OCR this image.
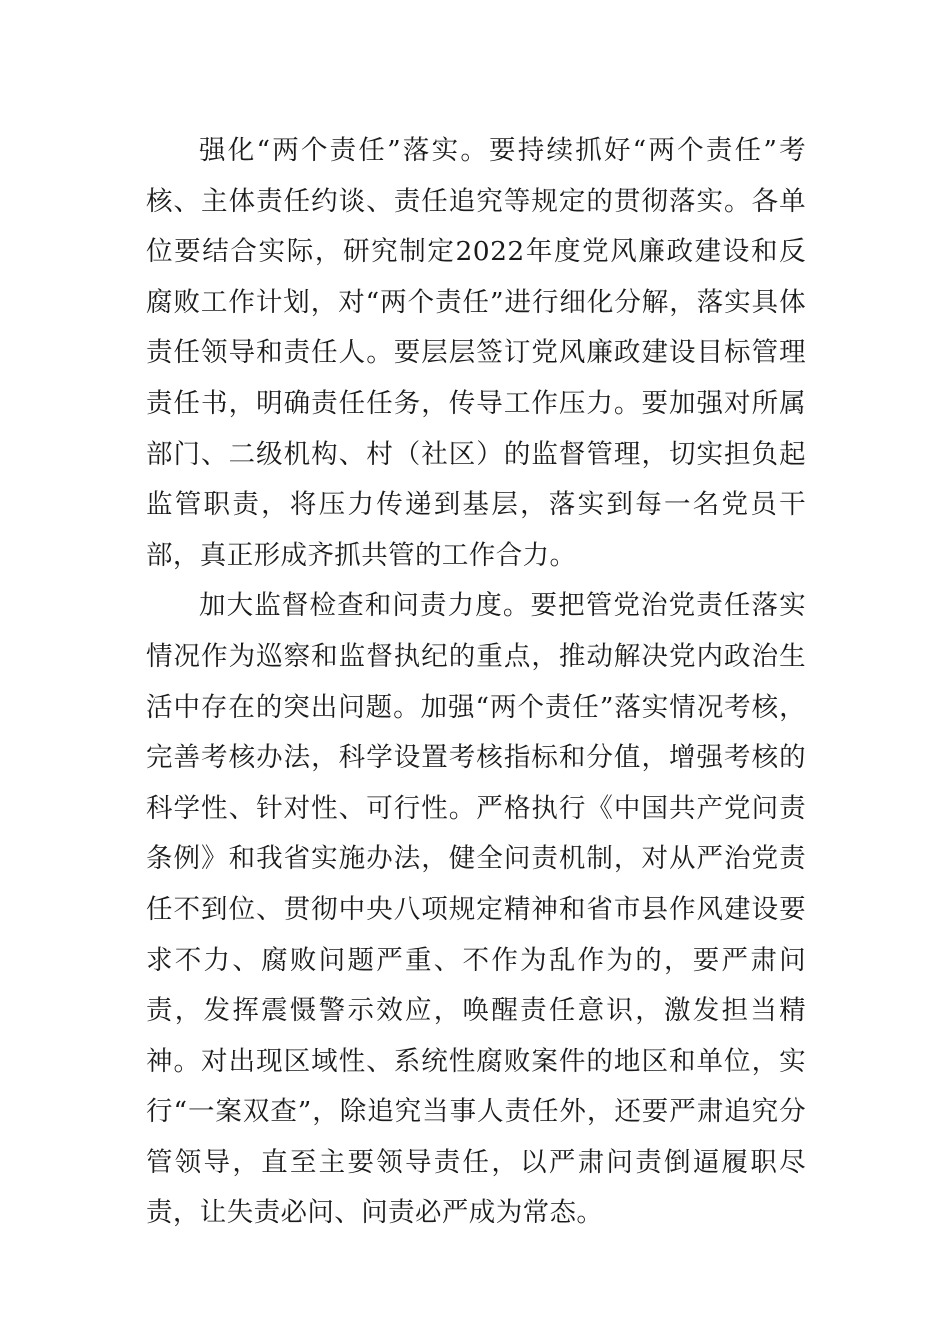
强化“两个责任”落实。要持续抓好“两个责任”考核、主体责任约谈、责任追究等规定的贯彻落实。各单位要结合实际，研究制定2022年度党风廉政建设和反腐败工作计划，对“两个责任”进行细化分解，落实具体责任领导和责任人。要层层签订党风廉政建设目标管理责任书，明确责任任务，传导工作压力。要加强对所属部门、二级机构、村（社区）的监督管理，切实担负起监管职责，将压力传递到基层，落实到每一名党员干部，真正形成齐抓共管的工作合力。

加大监督检查和问责力度。要把管党治党责任落实情况作为巡察和监督执纪的重点，推动解决党内政治生活中存在的突出问题。加强“两个责任”落实情况考核，完善考核办法，科学设置考核指标和分值，增强考核的科学性、针对性、可行性。严格执行《中国共产党问责条例》和我省实施办法，健全问责机制，对从严治党责任不到位、贯彻中央八项规定精神和省市县作风建设要求不力、腐败问题严重、不作为乱作为的，要严肃问责，发挥震慑警示效应，唤醒责任意识，激发担当精神。对出现区域性、系统性腐败案件的地区和单位，实行“一案双查”，除追究当事人责任外，还要严肃追究分管领导，直至主要领导责任，以严肃问责倒逼履职尽责，让失责必问、问责必严成为常态。
